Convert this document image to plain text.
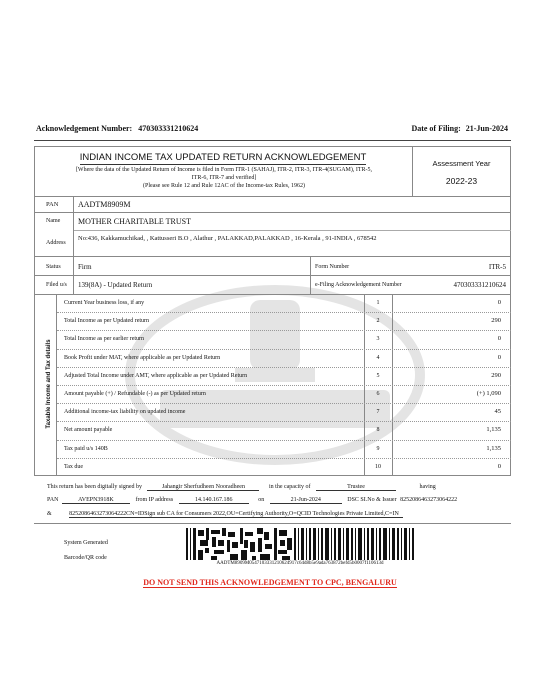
Acknowledgement Number: 470303331210624	Date of Filing: 21-Jun-2024
INDIAN INCOME TAX UPDATED RETURN ACKNOWLEDGEMENT
[Where the data of the Updated Return of Income is filed in Form ITR-1 (SAHAJ), ITR-2, ITR-3, ITR-4(SUGAM), ITR-5,
ITR-6, ITR-7 and verified]
(Please see Rule 12 and Rule 12AC of the Income-tax Rules, 1962)
Assessment Year
2022-23
PAN AADTM8909M
Name MOTHER CHARITABLE TRUST
Address
No:436, Kakkamuchikad, , Kattusseri B.O , Alathur , PALAKKAD,PALAKKAD , 16-Kerala , 91-INDIA , 678542
Status Firm	Form Number	ITR-5
Filed u/s 139(8A) - Updated Return	e-Filing Acknowledgement Number	470303331210624
Taxable Income and Tax details
Current Year business loss, if any	1	0
Total Income as per Updated return	2	290
Total Income as per earlier return	3	0
Book Profit under MAT, where applicable as per Updated Return	4	0
Adjusted Total Income under AMT, where applicable as per Updated Return	5	290
Amount payable (+) / Refundable (-) as per Updated return	6	(+) 1,090
Additional income-tax liability on updated income	7	45
Net amount payable	8	1,135
Tax paid u/s 140B	9	1,135
Tax due	10	0
This return has been digitally signed by	Jahangir Sherfudheen Nooradheen	in the capacity of	Trustee	having
PAN	AVEPN3918K	from IP address	14.140.167.186	on	21-Jun-2024	DSC SI.No & Issuer 8252086463273064222
&	8252086463273064222CN=IDSign sub CA for Consumers 2022,OU=Certifying Authority,O=QCID Technologies Private Limited,C=IN
System Generated
Barcode/QR code
AADTM8909M0547103331210624917c64d8b5e9ada763872befd5b0007f110613d
DO NOT SEND THIS ACKNOWLEDGEMENT TO CPC, BENGALURU
